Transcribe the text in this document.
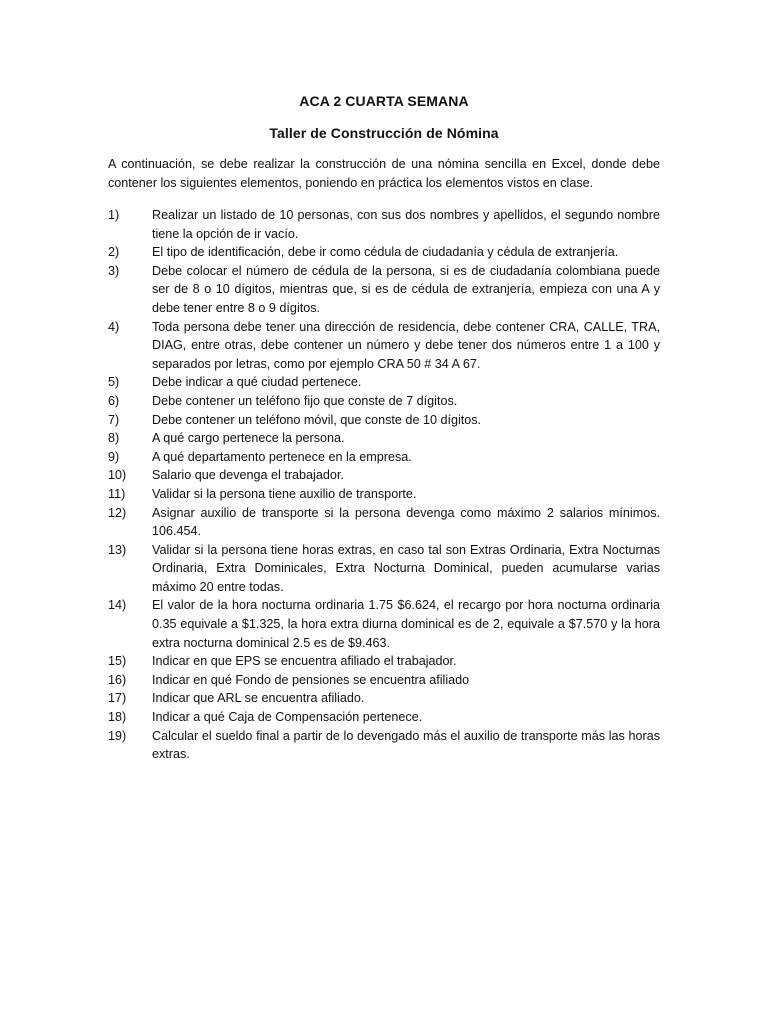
ACA 2 CUARTA SEMANA
Taller de Construcción de Nómina
A continuación, se debe realizar la construcción de una nómina sencilla en Excel, donde debe contener los siguientes elementos, poniendo en práctica los elementos vistos en clase.
1)	Realizar un listado de 10 personas, con sus dos nombres y apellidos, el segundo nombre tiene la opción de ir vacío.
2)	El tipo de identificación, debe ir como cédula de ciudadanía y cédula de extranjería.
3)	Debe colocar el número de cédula de la persona, si es de ciudadanía colombiana puede ser de 8 o 10 dígitos, mientras que, si es de cédula de extranjería, empieza con una A y debe tener entre 8 o 9 dígitos.
4)	Toda persona debe tener una dirección de residencia, debe contener CRA, CALLE, TRA, DIAG, entre otras, debe contener un número y debe tener dos números entre 1 a 100 y separados por letras, como por ejemplo CRA 50 # 34 A 67.
5)	Debe indicar a qué ciudad pertenece.
6)	Debe contener un teléfono fijo que conste de 7 dígitos.
7)	Debe contener un teléfono móvil, que conste de 10 dígitos.
8)	A qué cargo pertenece la persona.
9)	A qué departamento pertenece en la empresa.
10)	Salario que devenga el trabajador.
11)	Validar si la persona tiene auxilio de transporte.
12)	Asignar auxilio de transporte si la persona devenga como máximo 2 salarios mínimos. 106.454.
13)	Validar si la persona tiene horas extras, en caso tal son Extras Ordinaria, Extra Nocturnas Ordinaria, Extra Dominicales, Extra Nocturna Dominical, pueden acumularse varias máximo 20 entre todas.
14)	El valor de la hora nocturna ordinaria 1.75 $6.624, el recargo por hora nocturna ordinaria 0.35 equivale a $1.325, la hora extra diurna dominical es de 2, equivale a $7.570 y la hora extra nocturna dominical 2.5 es de $9.463.
15)	Indicar en que EPS se encuentra afiliado el trabajador.
16)	Indicar en qué Fondo de pensiones se encuentra afiliado
17)	Indicar que ARL se encuentra afiliado.
18)	Indicar a qué Caja de Compensación pertenece.
19)	Calcular el sueldo final a partir de lo devengado más el auxilio de transporte más las horas extras.
